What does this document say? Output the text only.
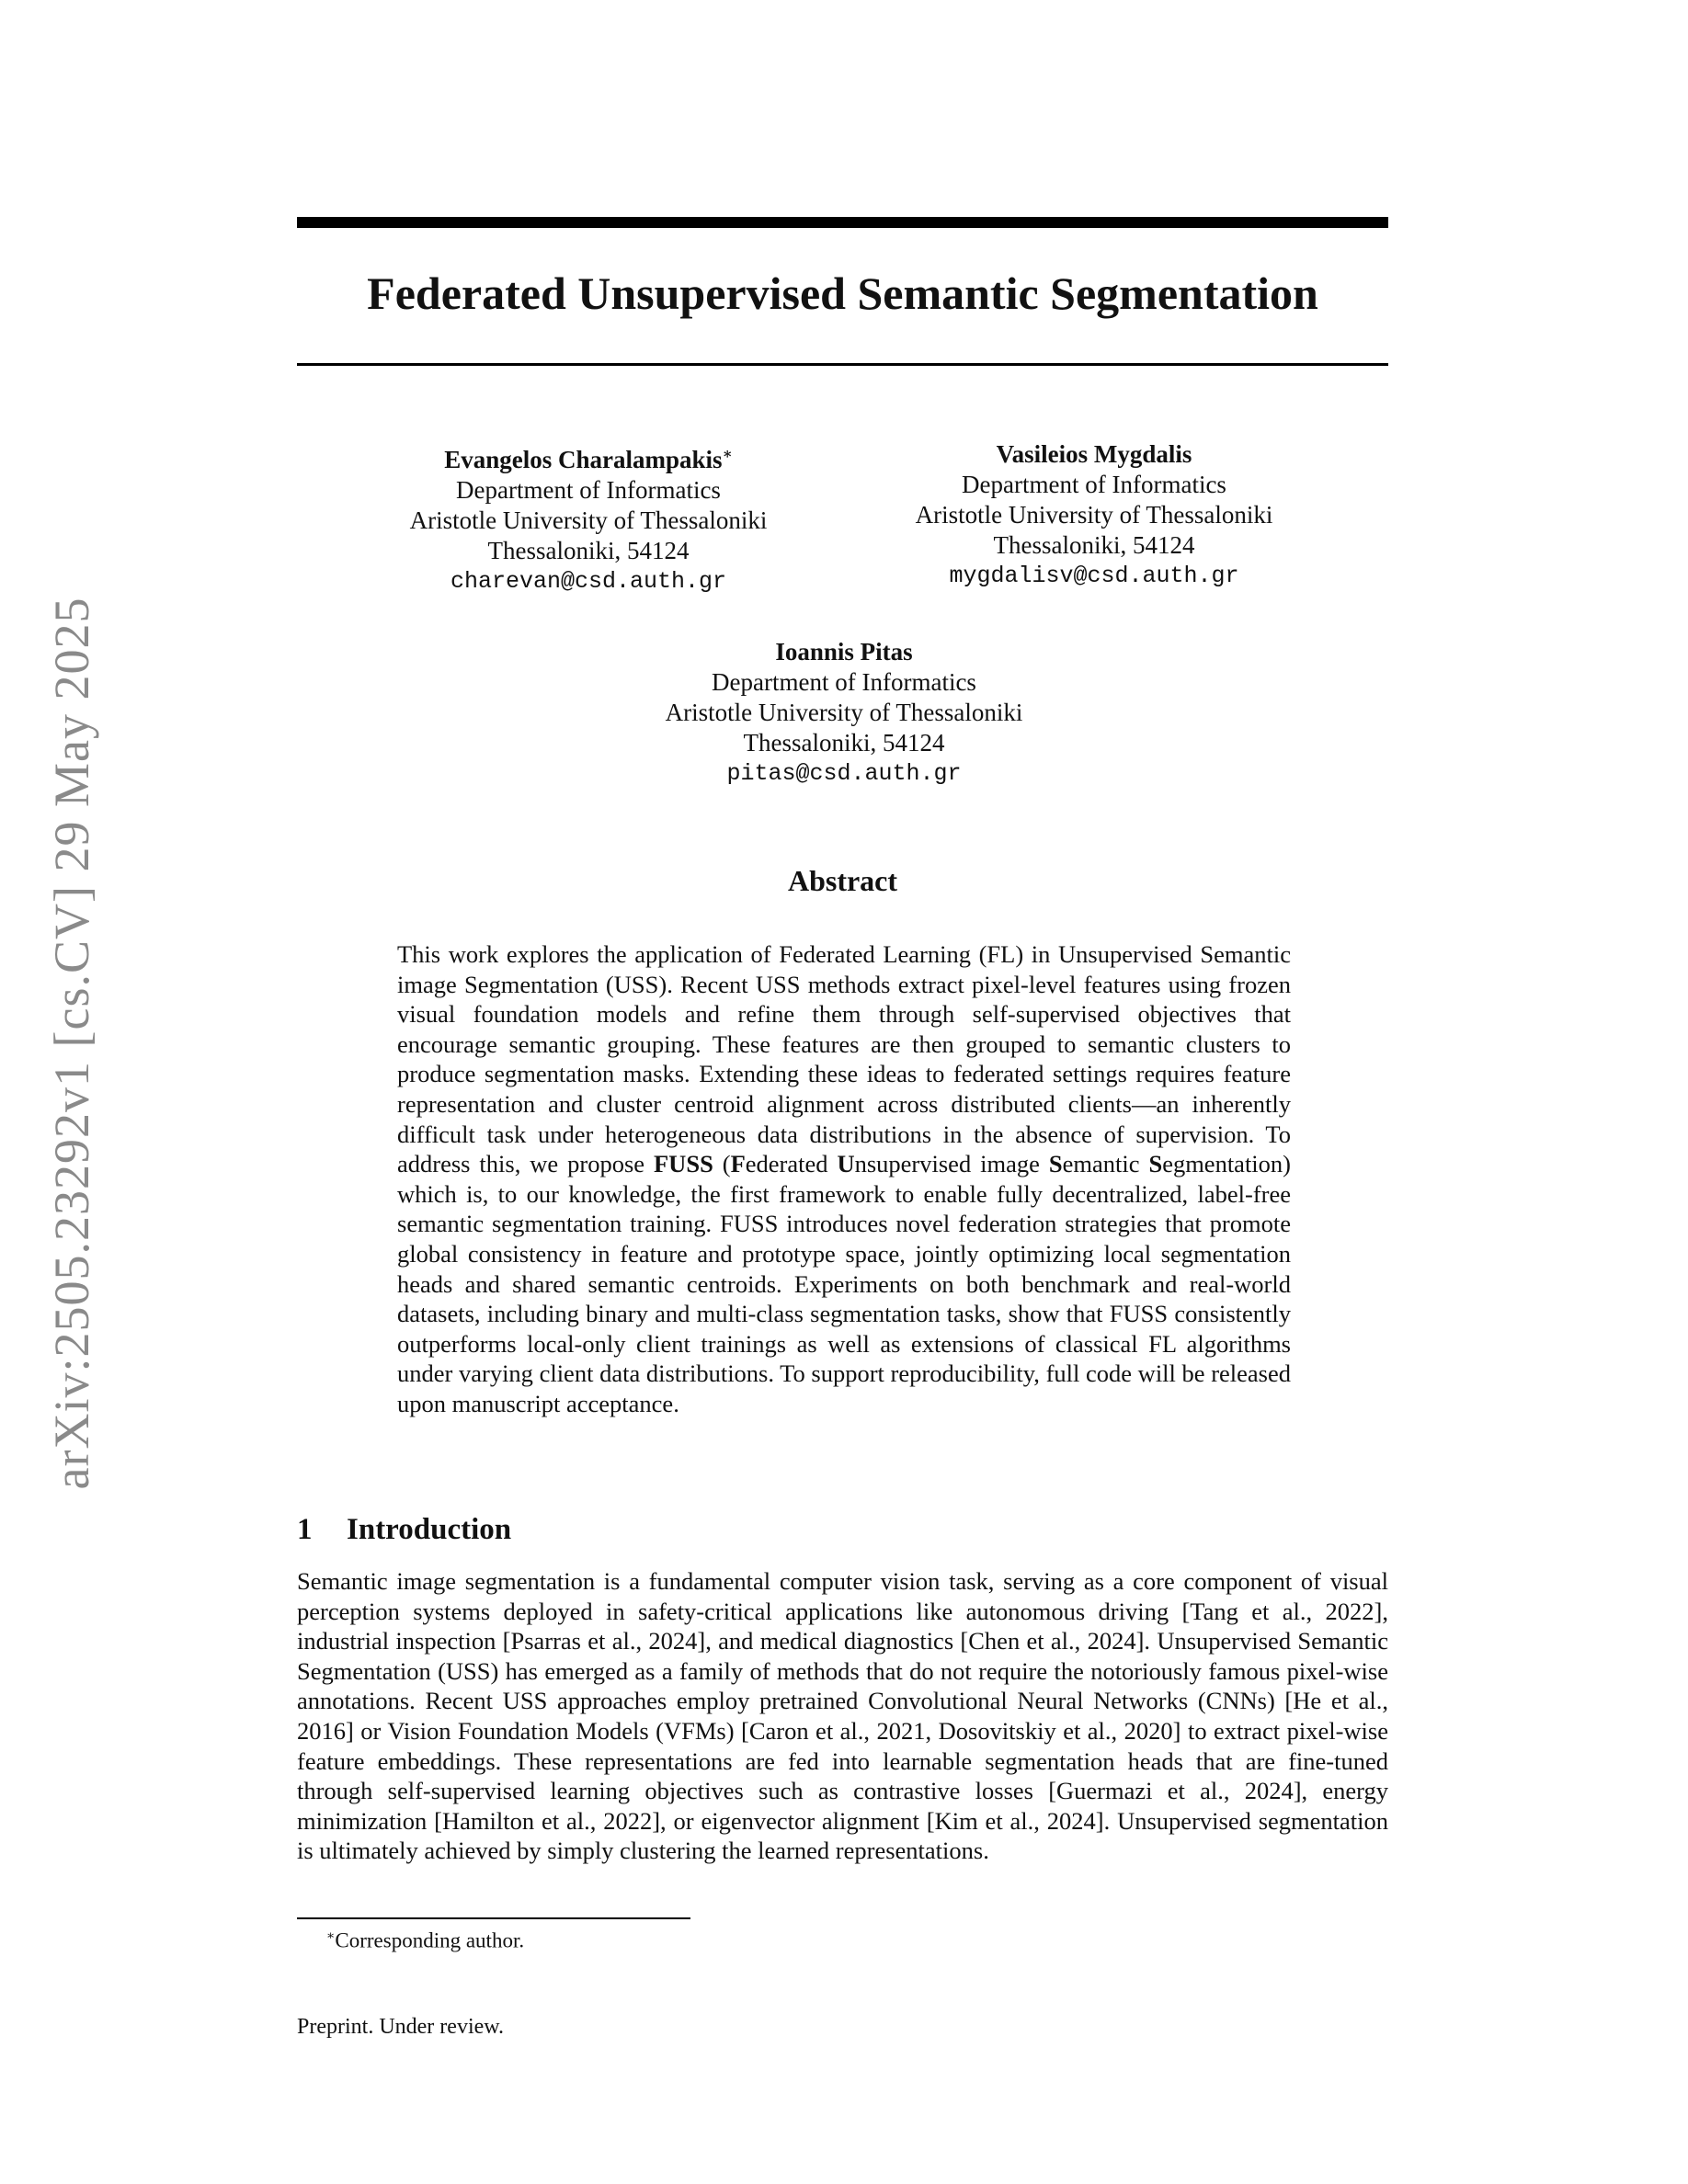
arXiv:2505.23292v1 [cs.CV] 29 May 2025
Federated Unsupervised Semantic Segmentation
Evangelos Charalampakis∗
Department of Informatics
Aristotle University of Thessaloniki
Thessaloniki, 54124
charevan@csd.auth.gr
Vasileios Mygdalis
Department of Informatics
Aristotle University of Thessaloniki
Thessaloniki, 54124
mygdalisv@csd.auth.gr
Ioannis Pitas
Department of Informatics
Aristotle University of Thessaloniki
Thessaloniki, 54124
pitas@csd.auth.gr
Abstract

This work explores the application of Federated Learning (FL) in Unsupervised Semantic image Segmentation (USS). Recent USS methods extract pixel-level features using frozen visual foundation models and refine them through self-supervised objectives that encourage semantic grouping. These features are then grouped to semantic clusters to produce segmentation masks. Extending these ideas to federated settings requires feature representation and cluster centroid alignment across distributed clients—an inherently difficult task under heterogeneous data distributions in the absence of supervision. To address this, we propose FUSS (Federated Unsupervised image Semantic Segmentation) which is, to our knowledge, the first framework to enable fully decentralized, label-free semantic segmentation training. FUSS introduces novel federation strategies that promote global consistency in feature and prototype space, jointly optimizing local segmentation heads and shared semantic centroids. Experiments on both benchmark and real-world datasets, including binary and multi-class segmentation tasks, show that FUSS consistently outperforms local-only client trainings as well as extensions of classical FL algorithms under varying client data distributions. To support reproducibility, full code will be released upon manuscript acceptance.

1 Introduction

Semantic image segmentation is a fundamental computer vision task, serving as a core component of visual perception systems deployed in safety-critical applications like autonomous driving [Tang et al., 2022], industrial inspection [Psarras et al., 2024], and medical diagnostics [Chen et al., 2024]. Unsupervised Semantic Segmentation (USS) has emerged as a family of methods that do not require the notoriously famous pixel-wise annotations. Recent USS approaches employ pretrained Convolutional Neural Networks (CNNs) [He et al., 2016] or Vision Foundation Models (VFMs) [Caron et al., 2021, Dosovitskiy et al., 2020] to extract pixel-wise feature embeddings. These representations are fed into learnable segmentation heads that are fine-tuned through self-supervised learning objectives such as contrastive losses [Guermazi et al., 2024], energy minimization [Hamilton et al., 2022], or eigenvector alignment [Kim et al., 2024]. Unsupervised segmentation is ultimately achieved by simply clustering the learned representations.

∗Corresponding author.

Preprint. Under review.
